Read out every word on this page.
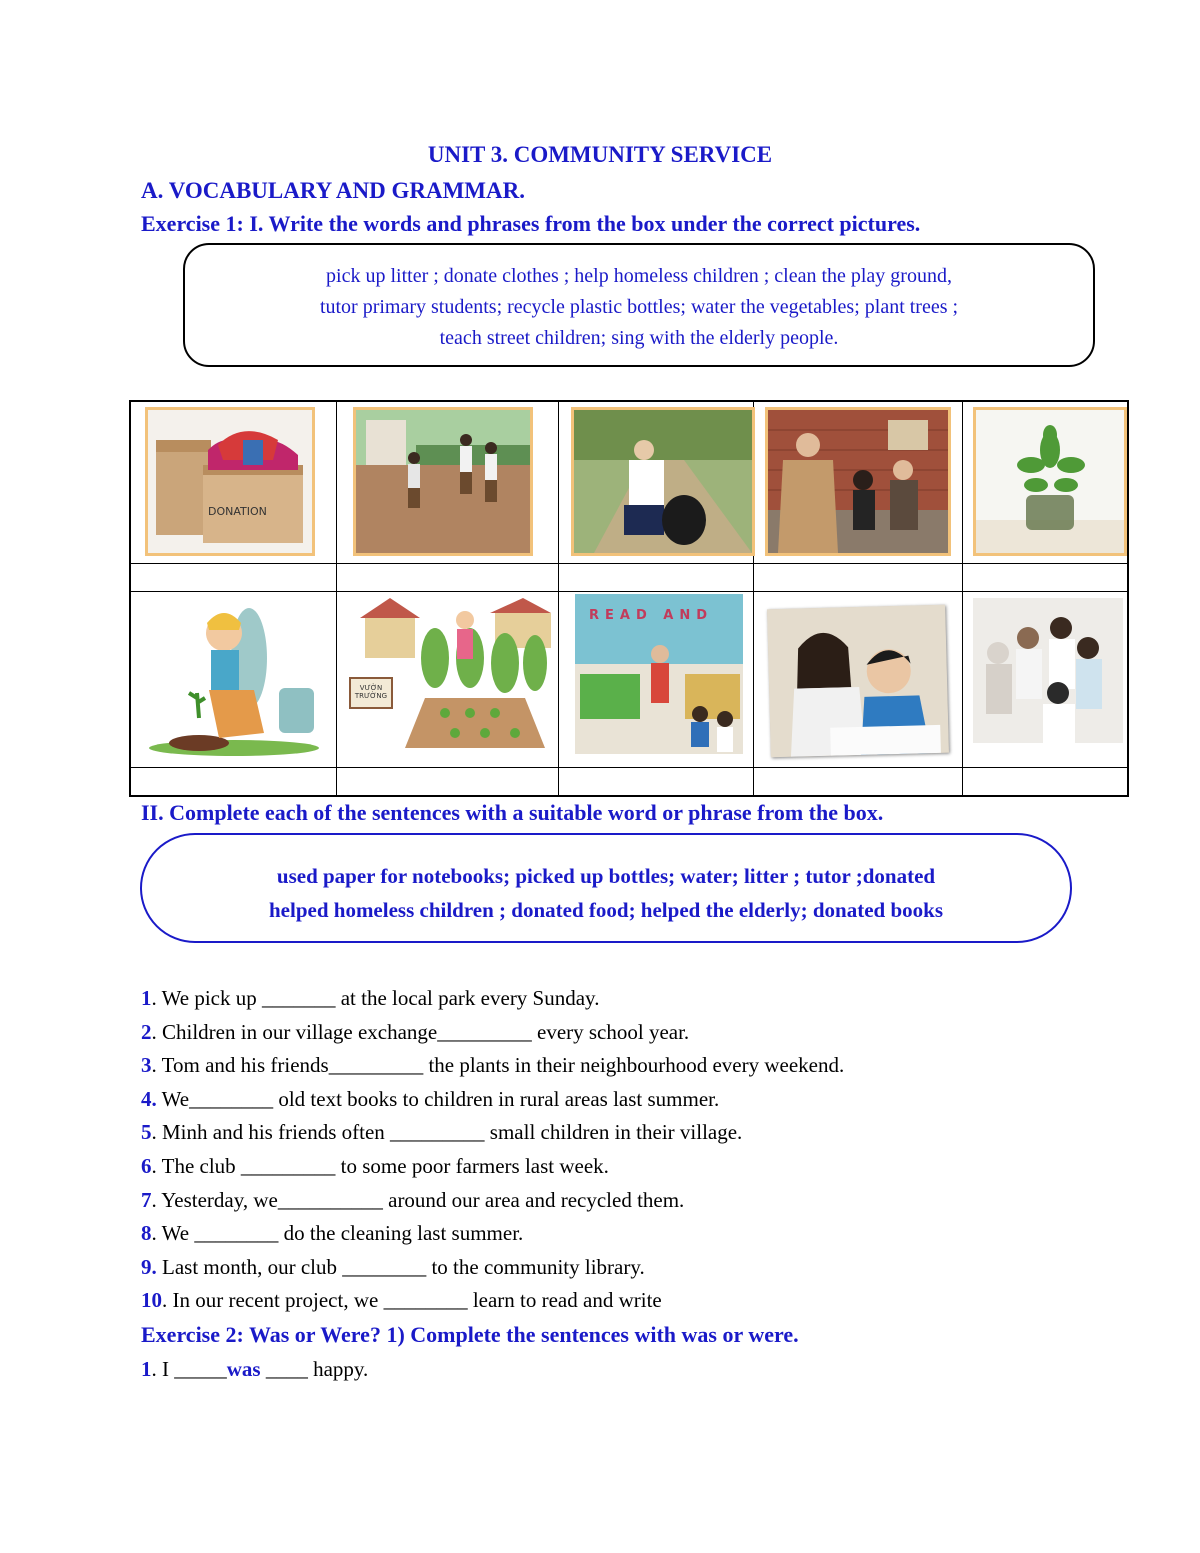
UNIT 3. COMMUNITY SERVICE
A. VOCABULARY AND GRAMMAR.
Exercise 1: I. Write the words and phrases from the box under the correct pictures.
pick up litter ; donate clothes ; help homeless children ; clean the play ground,
tutor primary students; recycle plastic bottles; water the vegetables; plant trees ;
teach street children; sing with the elderly people.
DONATION
VƯỜN TRƯỜNG
READ AND
II. Complete each of the sentences with a suitable word or phrase from the box.
used paper for notebooks; picked up bottles; water; litter ; tutor ;donated
helped homeless children ; donated food; helped the elderly; donated books
1. We pick up _______ at the local park every Sunday.
2. Children in our village exchange_________ every school year.
3. Tom and his friends_________ the plants in their neighbourhood every weekend.
4. We________ old text books to children in rural areas last summer.
5. Minh and his friends often _________ small children in their village.
6. The club _________ to some poor farmers last week.
7. Yesterday, we__________ around our area and recycled them.
8. We ________ do the cleaning last summer.
9. Last month, our club ________ to the community library.
10. In our recent project, we ________ learn to read and write
Exercise 2: Was or Were? 1) Complete the sentences with was or were.
1. I _____was ____ happy.
